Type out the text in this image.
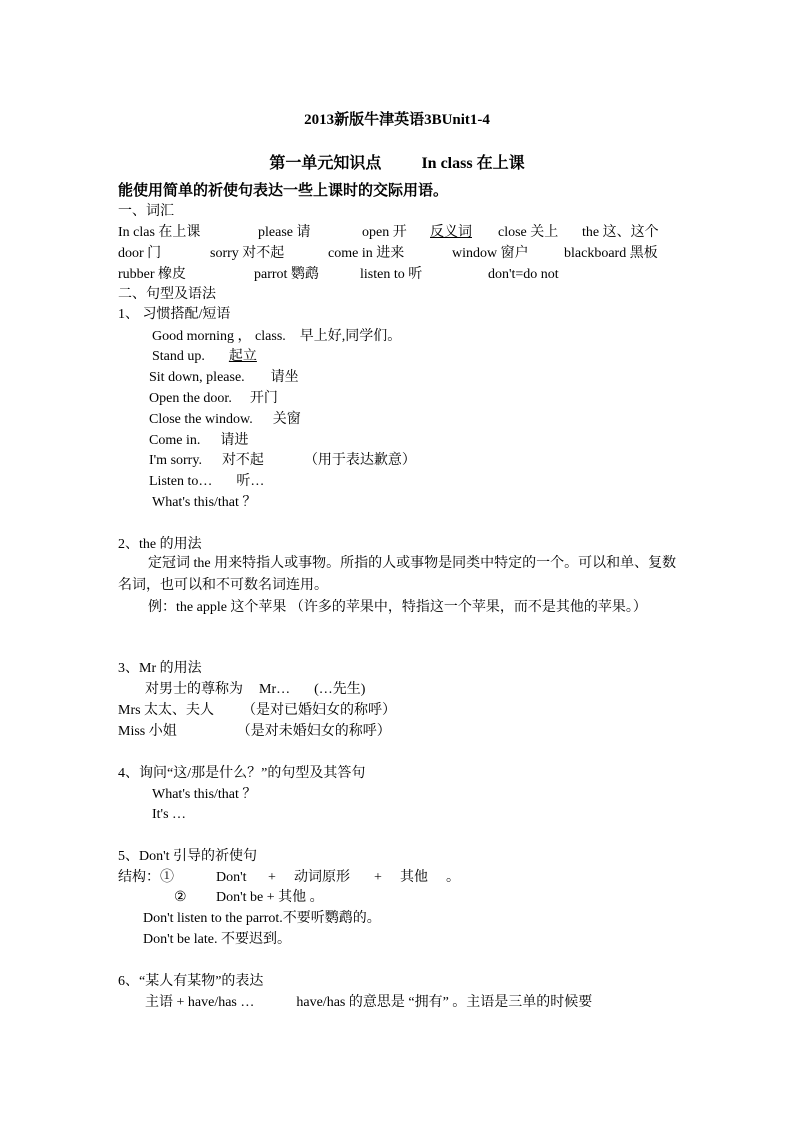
2013新版牛津英语3BUnit1-4
第一单元知识点	In class 在上课
能使用简单的祈使句表达一些上课时的交际用语。
一、词汇
In clas 在上课	please 请	open 开 反义词 close 关上 the 这、这个
door 门	sorry 对不起	come in 进来	window 窗户	blackboard 黑板
rubber 橡皮	parrot 鹦鹉	listen to 听	don't=do not
二、句型及语法
1、 习惯搭配/短语
Good morning ， class. 早上好,同学们。
Stand up. 起立
Sit down, please. 请坐
Open the door. 开门
Close the window. 关窗
Come in. 请进
I'm sorry. 对不起	（用于表达歉意）
Listen to… 听…
What's this/that ？
2、the 的用法
定冠词 the 用来特指人或事物。所指的人或事物是同类中特定的一个。可以和单、复数名词，也可以和不可数名词连用。
例：the apple 这个苹果 （许多的苹果中，特指这一个苹果，而不是其他的苹果。）
3、Mr 的用法
对男士的尊称为 Mr… (…先生)
Mrs 太太、夫人 （是对已婚妇女的称呼）
Miss 小姐	（是对未婚妇女的称呼）
4、询问“这/那是什么？”的句型及其答句
What's this/that ？
It's …
5、Don't 引导的祈使句
结构：①	Don't + 动词原形 + 其他 。
② Don't be + 其他 。
Don't listen to the parrot.不要听鹦鹉的。
Don't be late. 不要迟到。
6、“某人有某物”的表达
主语 + have/has …	have/has 的意思是 “拥有” 。主语是三单的时候要
